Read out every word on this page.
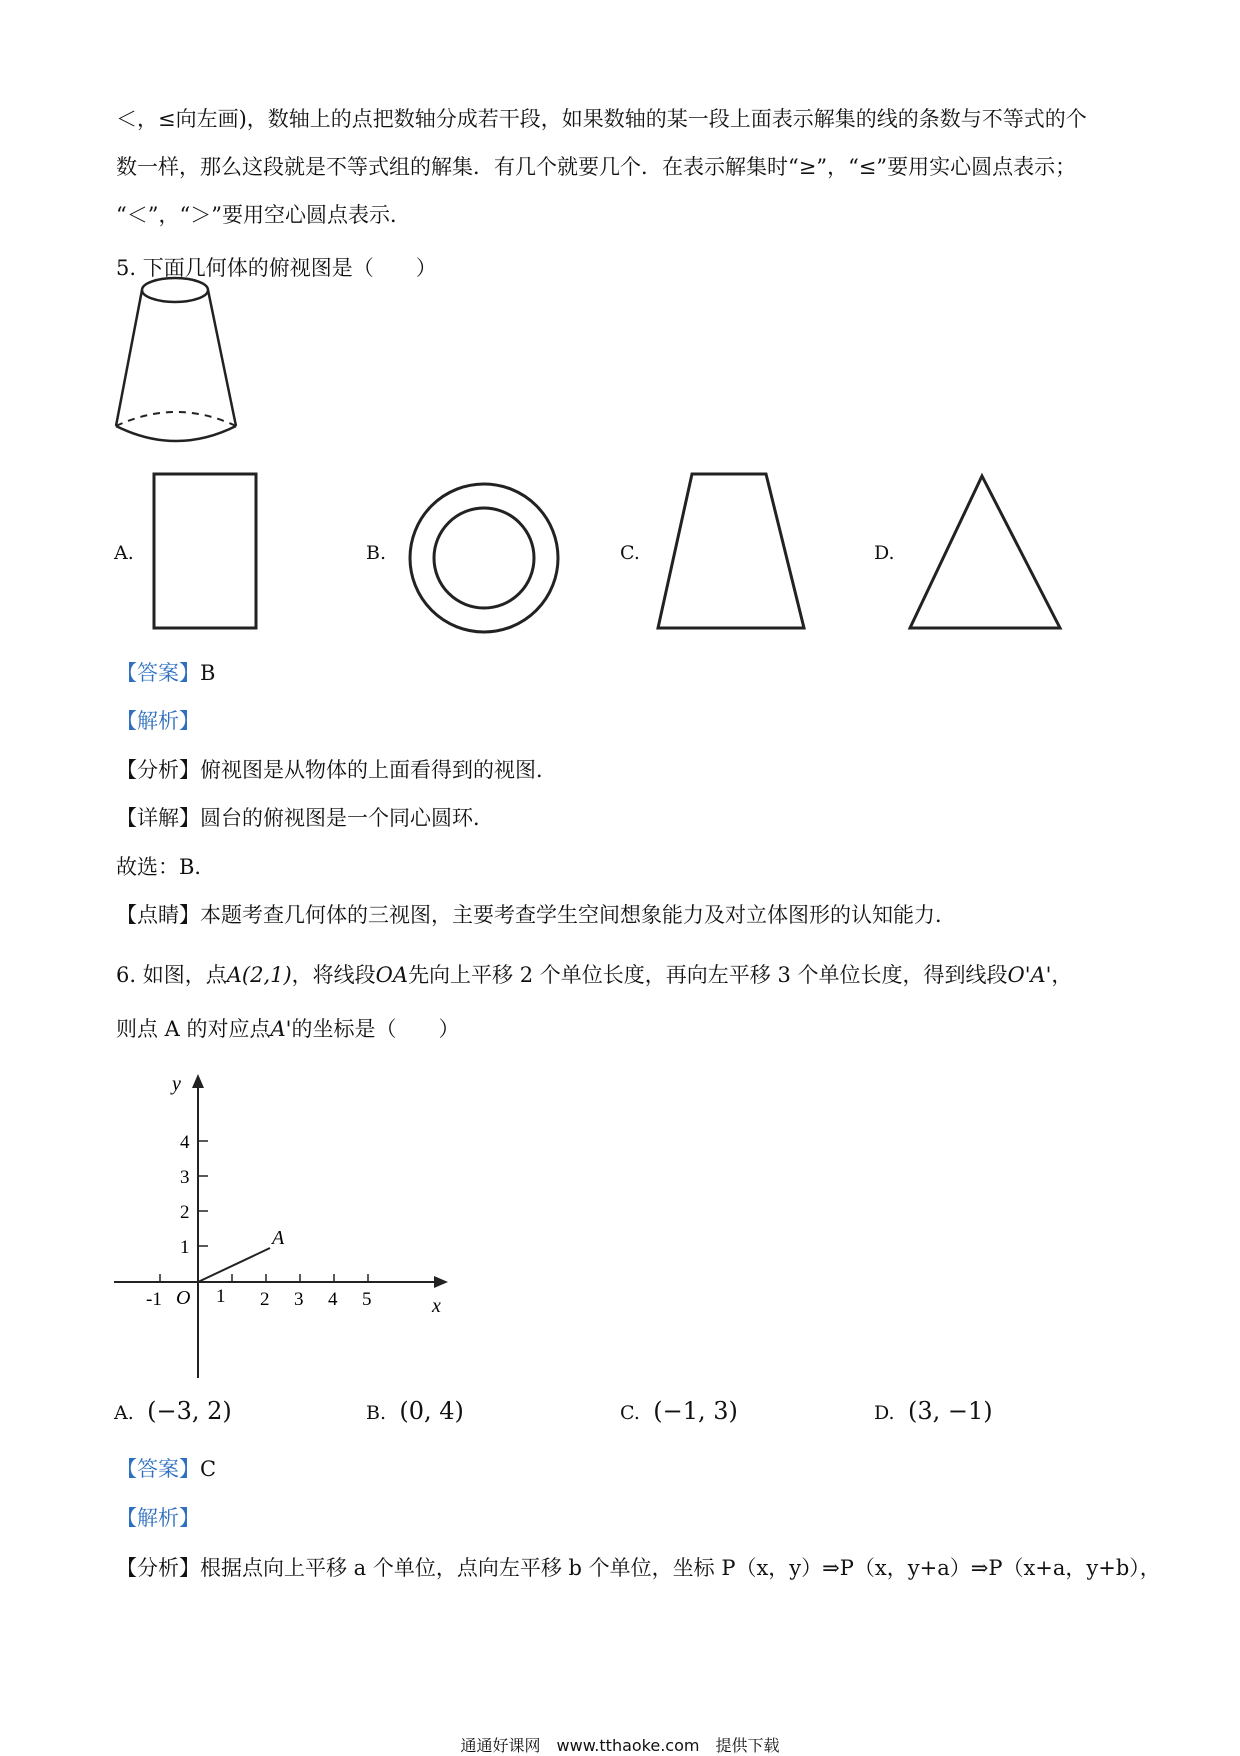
＜，≤向左画)，数轴上的点把数轴分成若干段，如果数轴的某一段上面表示解集的线的条数与不等式的个
数一样，那么这段就是不等式组的解集．有几个就要几个．在表示解集时“≥”，“≤”要用实心圆点表示；
“＜”，“＞”要用空心圆点表示．
5. 下面几何体的俯视图是（　　）
A.	B.	C.	D.
【答案】B
【解析】
【分析】俯视图是从物体的上面看得到的视图．
【详解】圆台的俯视图是一个同心圆环．
故选：B．
【点睛】本题考查几何体的三视图，主要考查学生空间想象能力及对立体图形的认知能力．
6. 如图，点A(2,1)，将线段OA先向上平移 2 个单位长度，再向左平移 3 个单位长度，得到线段O'A'，
则点 A 的对应点A'的坐标是（　　）
y
x
O
1
2
3
4
-1	1 2 3 4 5
A
A. (−3, 2)	B. (0, 4)	C. (−1, 3)	D. (3, −1)
【答案】C
【解析】
【分析】根据点向上平移 a 个单位，点向左平移 b 个单位，坐标 P（x，y）⇒P（x，y+a）⇒P（x+a，y+b），
通通好课网　www.tthaoke.com　提供下载
